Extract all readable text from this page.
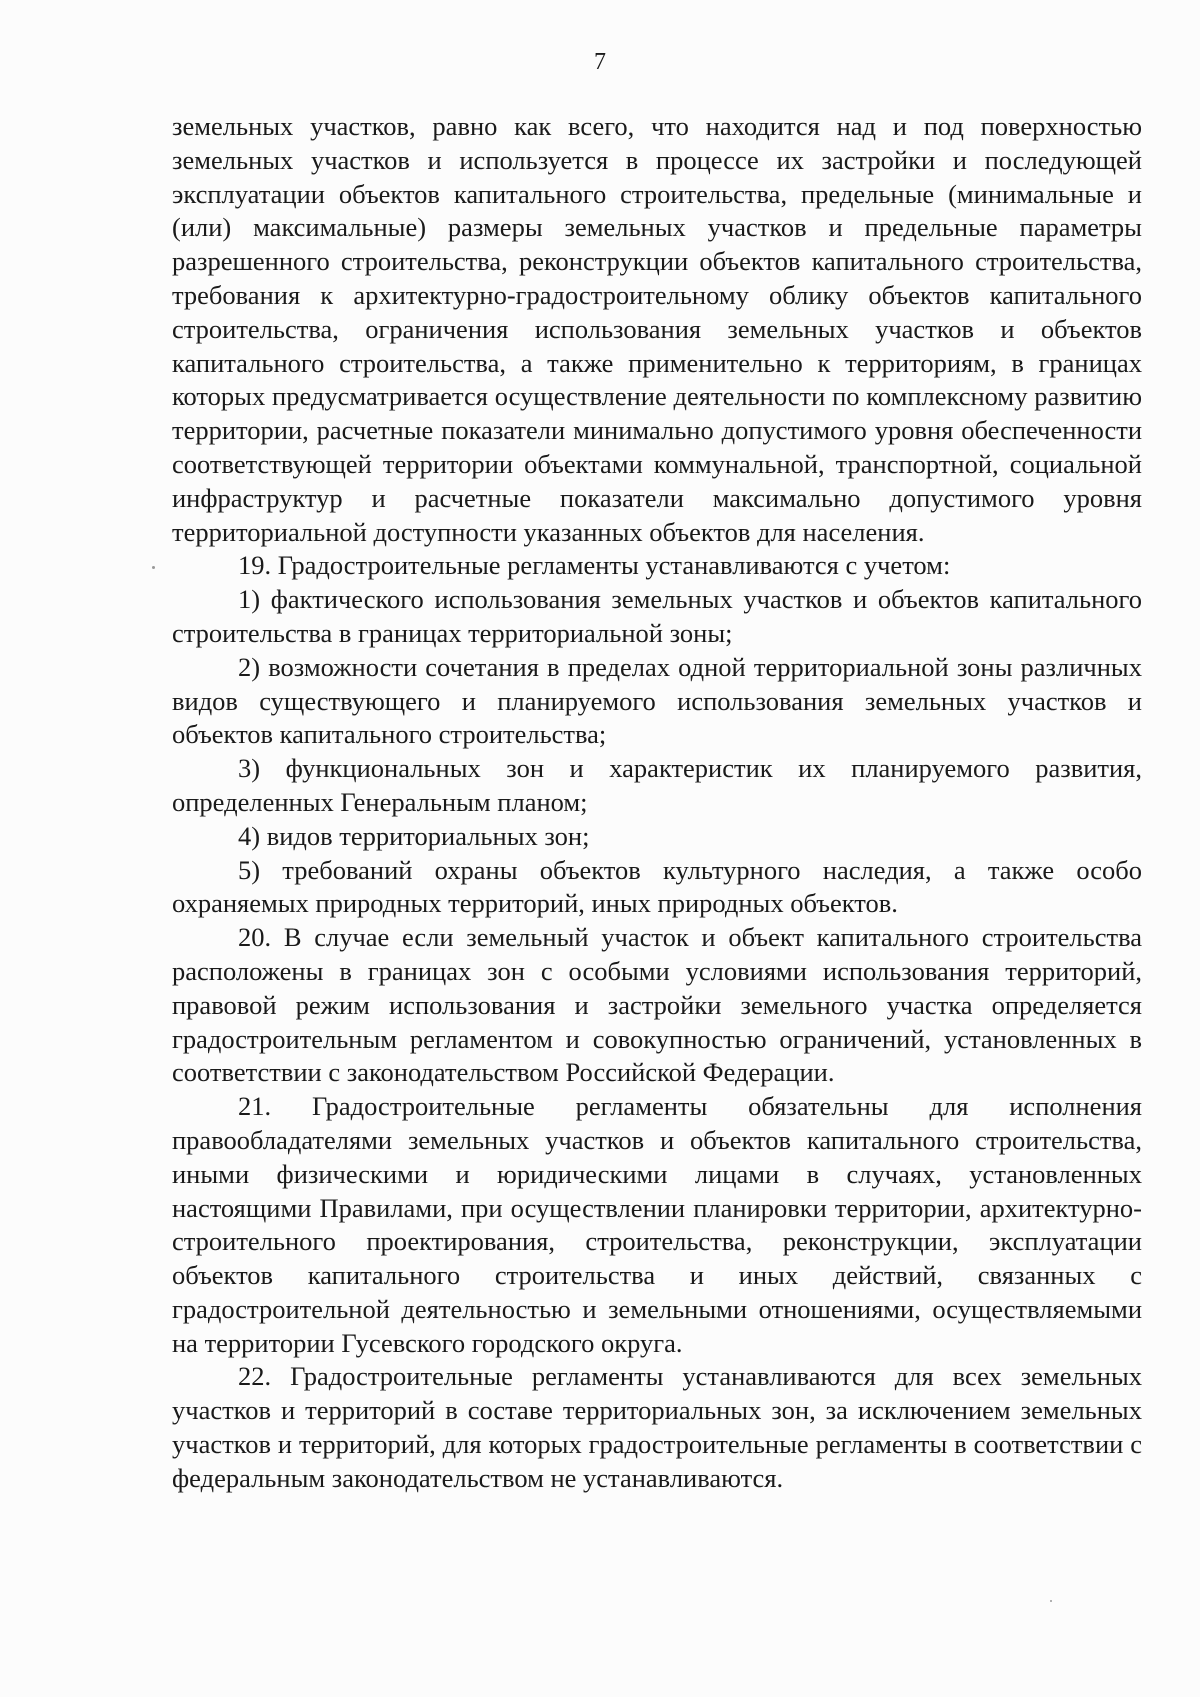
7

земельных участков, равно как всего, что находится над и под поверхностью земельных участков и используется в процессе их застройки и последующей эксплуатации объектов капитального строительства, предельные (минимальные и (или) максимальные) размеры земельных участков и предельные параметры разрешенного строительства, реконструкции объектов капитального строительства, требования к архитектурно-градостроительному облику объектов капитального строительства, ограничения использования земельных участков и объектов капитального строительства, а также применительно к территориям, в границах которых предусматривается осуществление деятельности по комплексному развитию территории, расчетные показатели минимально допустимого уровня обеспеченности соответствующей территории объектами коммунальной, транспортной, социальной инфраструктур и расчетные показатели максимально допустимого уровня территориальной доступности указанных объектов для населения.

19. Градостроительные регламенты устанавливаются с учетом:

1) фактического использования земельных участков и объектов капитального строительства в границах территориальной зоны;

2) возможности сочетания в пределах одной территориальной зоны различных видов существующего и планируемого использования земельных участков и объектов капитального строительства;

3) функциональных зон и характеристик их планируемого развития, определенных Генеральным планом;

4) видов территориальных зон;

5) требований охраны объектов культурного наследия, а также особо охраняемых природных территорий, иных природных объектов.

20. В случае если земельный участок и объект капитального строительства расположены в границах зон с особыми условиями использования территорий, правовой режим использования и застройки земельного участка определяется градостроительным регламентом и совокупностью ограничений, установленных в соответствии с законодательством Российской Федерации.

21. Градостроительные регламенты обязательны для исполнения правообладателями земельных участков и объектов капитального строительства, иными физическими и юридическими лицами в случаях, установленных настоящими Правилами, при осуществлении планировки территории, архитектурно-строительного проектирования, строительства, реконструкции, эксплуатации объектов капитального строительства и иных действий, связанных с градостроительной деятельностью и земельными отношениями, осуществляемыми на территории Гусевского городского округа.

22. Градостроительные регламенты устанавливаются для всех земельных участков и территорий в составе территориальных зон, за исключением земельных участков и территорий, для которых градостроительные регламенты в соответствии с федеральным законодательством не устанавливаются.
